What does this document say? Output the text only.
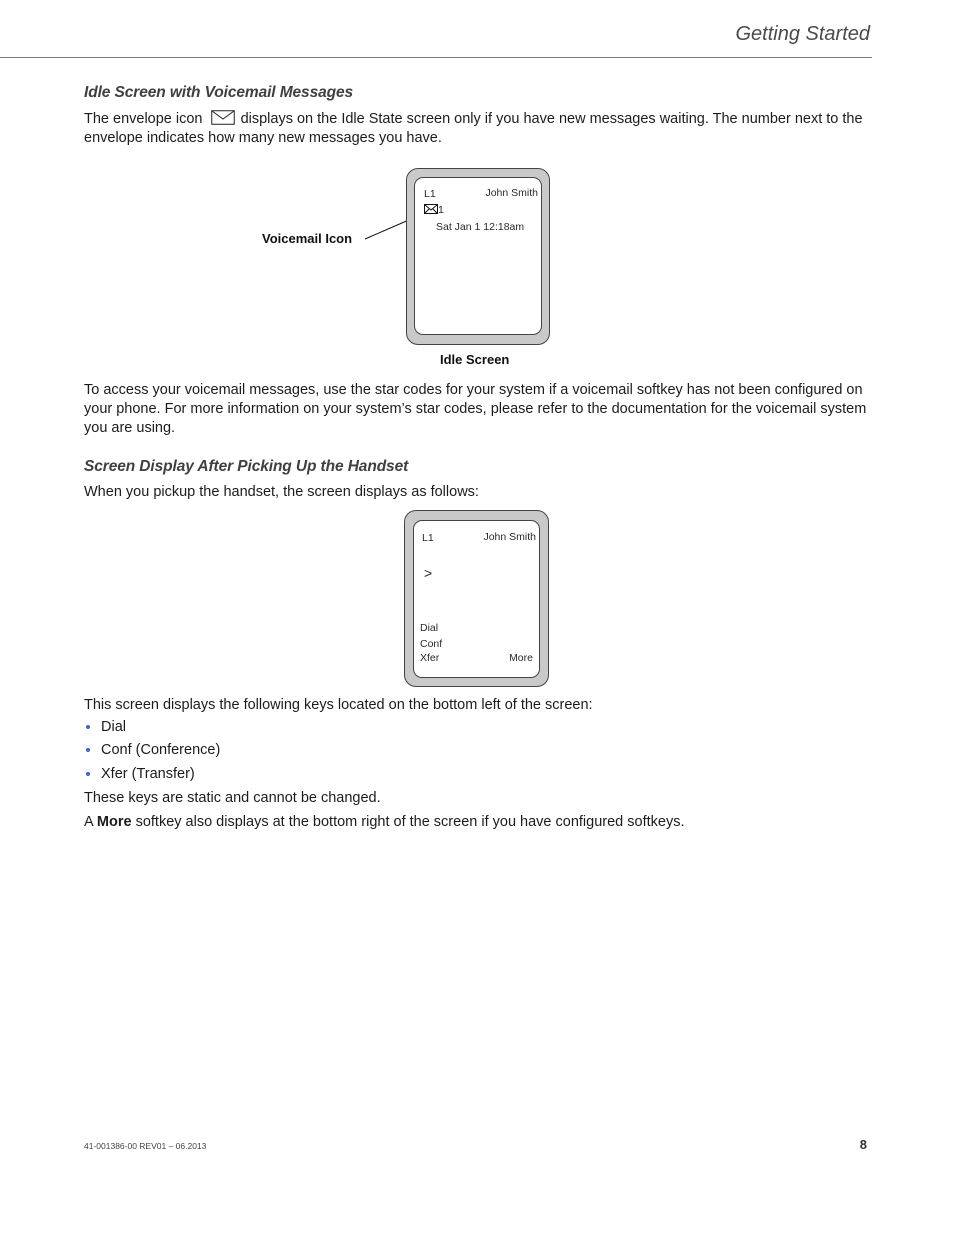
Getting Started
Idle Screen with Voicemail Messages
The envelope icon	displays on the Idle State screen only if you have new messages waiting. The number next to the
envelope indicates how many new messages you have.
Voicemail Icon
L1	John Smith
1
Sat Jan 1 12:18am
Idle Screen
To access your voicemail messages, use the star codes for your system if a voicemail softkey has not been configured on
your phone. For more information on your system’s star codes, please refer to the documentation for the voicemail system
you are using.
Screen Display After Picking Up the Handset
When you pickup the handset, the screen displays as follows:
L1	John Smith
>
Dial
Conf
Xfer	More
This screen displays the following keys located on the bottom left of the screen:
Dial
Conf (Conference)
Xfer (Transfer)
These keys are static and cannot be changed.
A More softkey also displays at the bottom right of the screen if you have configured softkeys.
41-001386-00 REV01 – 06.2013	8
